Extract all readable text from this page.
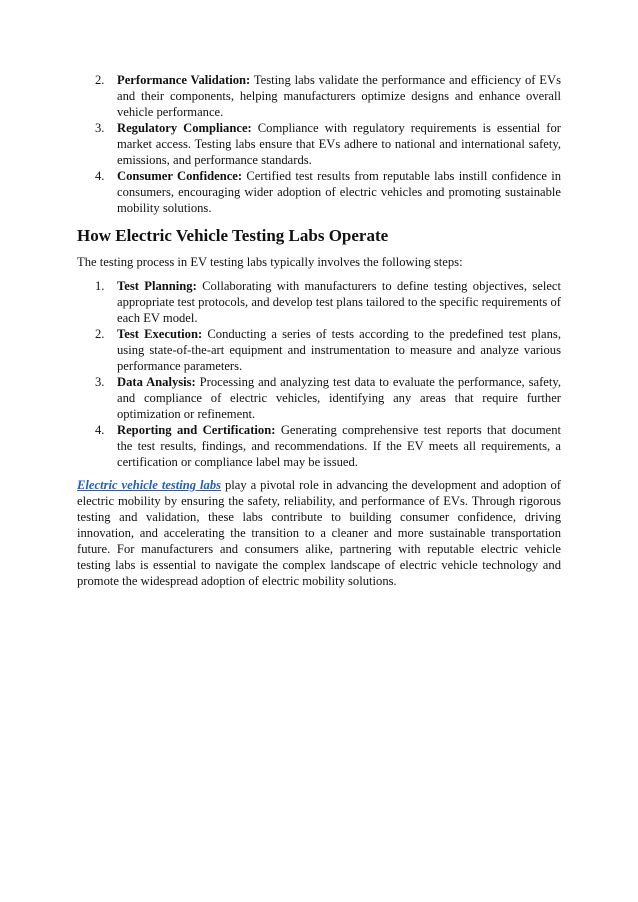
2. Performance Validation: Testing labs validate the performance and efficiency of EVs and their components, helping manufacturers optimize designs and enhance overall vehicle performance.
3. Regulatory Compliance: Compliance with regulatory requirements is essential for market access. Testing labs ensure that EVs adhere to national and international safety, emissions, and performance standards.
4. Consumer Confidence: Certified test results from reputable labs instill confidence in consumers, encouraging wider adoption of electric vehicles and promoting sustainable mobility solutions.
How Electric Vehicle Testing Labs Operate

The testing process in EV testing labs typically involves the following steps:

1. Test Planning: Collaborating with manufacturers to define testing objectives, select appropriate test protocols, and develop test plans tailored to the specific requirements of each EV model.
2. Test Execution: Conducting a series of tests according to the predefined test plans, using state-of-the-art equipment and instrumentation to measure and analyze various performance parameters.
3. Data Analysis: Processing and analyzing test data to evaluate the performance, safety, and compliance of electric vehicles, identifying any areas that require further optimization or refinement.
4. Reporting and Certification: Generating comprehensive test reports that document the test results, findings, and recommendations. If the EV meets all requirements, a certification or compliance label may be issued.

Electric vehicle testing labs play a pivotal role in advancing the development and adoption of electric mobility by ensuring the safety, reliability, and performance of EVs. Through rigorous testing and validation, these labs contribute to building consumer confidence, driving innovation, and accelerating the transition to a cleaner and more sustainable transportation future. For manufacturers and consumers alike, partnering with reputable electric vehicle testing labs is essential to navigate the complex landscape of electric vehicle technology and promote the widespread adoption of electric mobility solutions.
